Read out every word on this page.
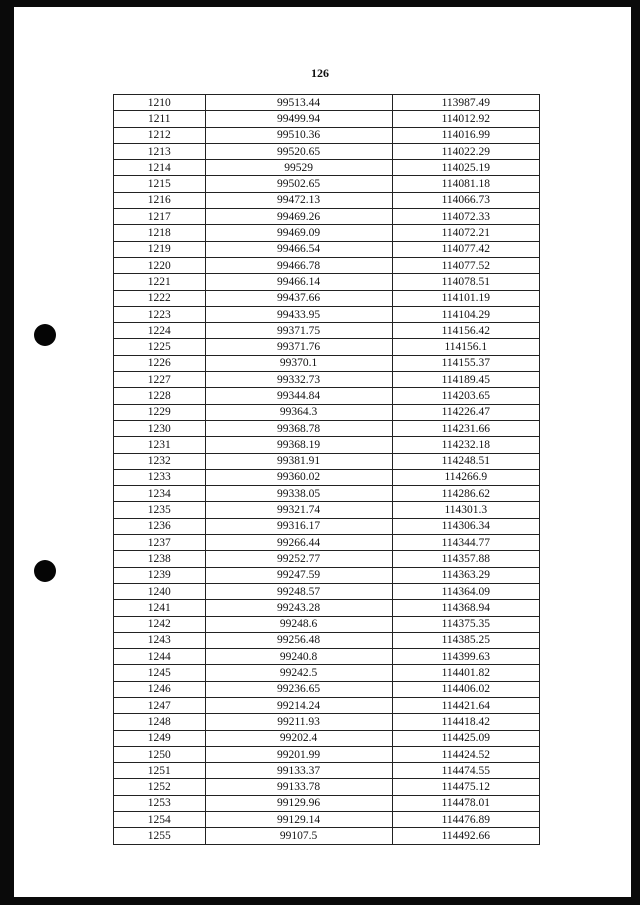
126
1210	99513.44	113987.49
1211	99499.94	114012.92
1212	99510.36	114016.99
1213	99520.65	114022.29
1214	99529	114025.19
1215	99502.65	114081.18
1216	99472.13	114066.73
1217	99469.26	114072.33
1218	99469.09	114072.21
1219	99466.54	114077.42
1220	99466.78	114077.52
1221	99466.14	114078.51
1222	99437.66	114101.19
1223	99433.95	114104.29
1224	99371.75	114156.42
1225	99371.76	114156.1
1226	99370.1	114155.37
1227	99332.73	114189.45
1228	99344.84	114203.65
1229	99364.3	114226.47
1230	99368.78	114231.66
1231	99368.19	114232.18
1232	99381.91	114248.51
1233	99360.02	114266.9
1234	99338.05	114286.62
1235	99321.74	114301.3
1236	99316.17	114306.34
1237	99266.44	114344.77
1238	99252.77	114357.88
1239	99247.59	114363.29
1240	99248.57	114364.09
1241	99243.28	114368.94
1242	99248.6	114375.35
1243	99256.48	114385.25
1244	99240.8	114399.63
1245	99242.5	114401.82
1246	99236.65	114406.02
1247	99214.24	114421.64
1248	99211.93	114418.42
1249	99202.4	114425.09
1250	99201.99	114424.52
1251	99133.37	114474.55
1252	99133.78	114475.12
1253	99129.96	114478.01
1254	99129.14	114476.89
1255	99107.5	114492.66
